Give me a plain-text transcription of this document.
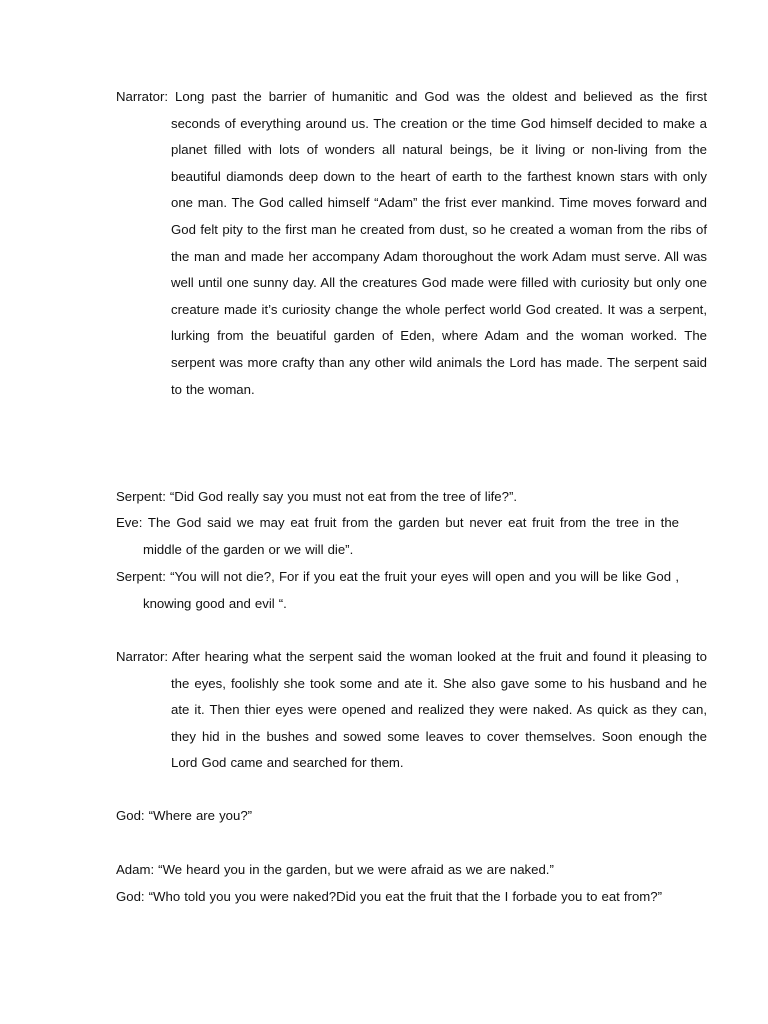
Narrator: Long past the barrier of humanitic and God was the oldest and believed as the first seconds of everything around us. The creation or the time God himself decided to make a planet filled with lots of wonders all natural beings, be it living or non-living from the beautiful diamonds deep down to the heart of earth to the farthest known stars with only one man. The God called himself “Adam” the frist ever mankind. Time moves forward and God felt pity to the first man he created from dust, so he created a woman from the ribs of the man and made her accompany Adam thoroughout the work Adam must serve. All was well until one sunny day. All the creatures God made were filled with curiosity but only one creature made it’s curiosity change the whole perfect world God created. It was a serpent, lurking from the beuatiful garden of Eden, where Adam and the woman worked. The serpent was more crafty than any other wild animals the Lord has made. The serpent said to the woman.

Serpent: “Did God really say you must not eat from the tree of life?”.

Eve: The God said we may eat fruit from the garden but never eat fruit from the tree in the middle of the garden or we will die”.

Serpent: “You will not die?, For if you eat the fruit your eyes will open and you will be like God , knowing good and evil “.

Narrator: After hearing what the serpent said the woman looked at the fruit and found it pleasing to the eyes, foolishly she took some and ate it. She also gave some to his husband and he ate it. Then thier eyes were opened and realized they were naked. As quick as they can, they hid in the bushes and sowed some leaves to cover themselves. Soon enough the Lord God came and searched for them.

God: “Where are you?”

Adam: “We heard you in the garden, but we were afraid as we are naked.”

God: “Who told you you were naked?Did you eat the fruit that the I forbade you to eat from?”
